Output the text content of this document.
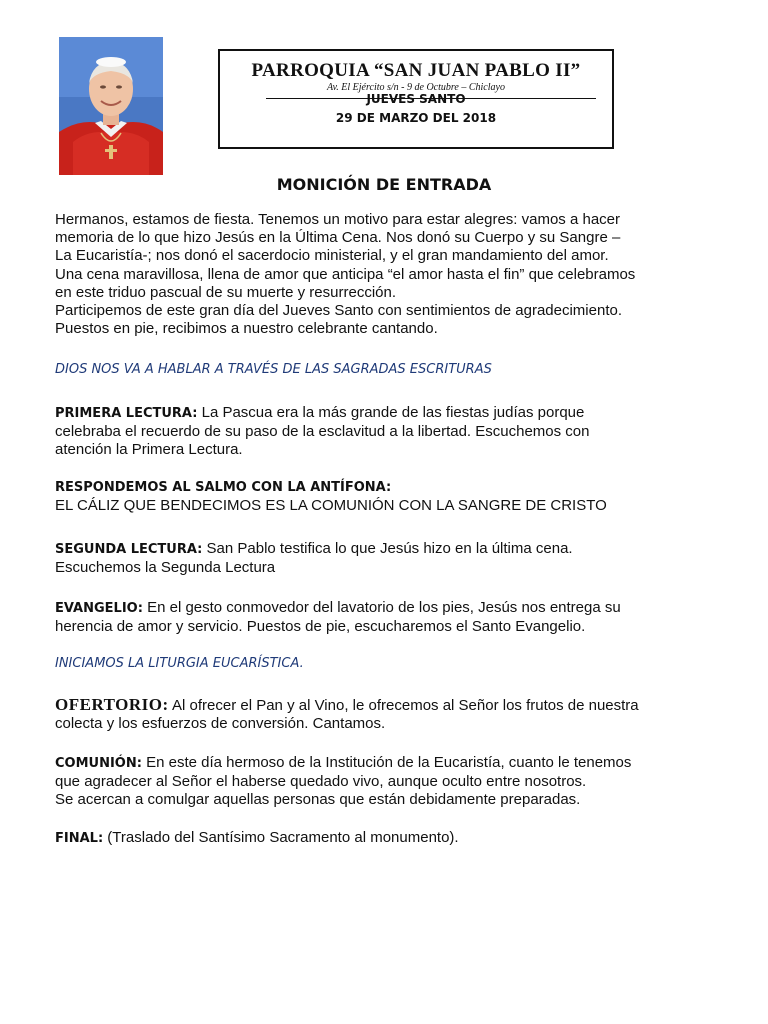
PARROQUIA “SAN JUAN PABLO II”
Av. El Ejército s/n - 9 de Octubre – Chiclayo
JUEVES SANTO
29 DE MARZO DEL 2018
MONICIÓN DE ENTRADA
Hermanos, estamos de fiesta. Tenemos un motivo para estar alegres: vamos a hacer
memoria de lo que hizo Jesús en la Última Cena. Nos donó su Cuerpo y su Sangre –
La Eucaristía-; nos donó el sacerdocio ministerial, y el gran mandamiento del amor.
Una cena maravillosa, llena de amor que anticipa “el amor hasta el fin” que celebramos
en este triduo pascual de su muerte y resurrección.
Participemos de este gran día del Jueves Santo con sentimientos de agradecimiento.
Puestos en pie, recibimos a nuestro celebrante cantando.
DIOS NOS VA A HABLAR A TRAVÉS DE LAS SAGRADAS ESCRITURAS
PRIMERA LECTURA: La Pascua era la más grande de las fiestas judías porque
celebraba el recuerdo de su paso de la esclavitud a la libertad. Escuchemos con
atención la Primera Lectura.
RESPONDEMOS AL SALMO CON LA ANTÍFONA:
EL CÁLIZ QUE BENDECIMOS ES LA COMUNIÓN CON LA SANGRE DE CRISTO
SEGUNDA LECTURA: San Pablo testifica lo que Jesús hizo en la última cena.
Escuchemos la Segunda Lectura
EVANGELIO: En el gesto conmovedor del lavatorio de los pies, Jesús nos entrega su
herencia de amor y servicio. Puestos de pie, escucharemos el Santo Evangelio.
INICIAMOS LA LITURGIA EUCARÍSTICA.
OFERTORIO: Al ofrecer el Pan y al Vino, le ofrecemos al Señor los frutos de nuestra
colecta y los esfuerzos de conversión. Cantamos.
COMUNIÓN: En este día hermoso de la Institución de la Eucaristía, cuanto le tenemos
que agradecer al Señor el haberse quedado vivo, aunque oculto entre nosotros.
Se acercan a comulgar aquellas personas que están debidamente preparadas.
FINAL: (Traslado del Santísimo Sacramento al monumento).
